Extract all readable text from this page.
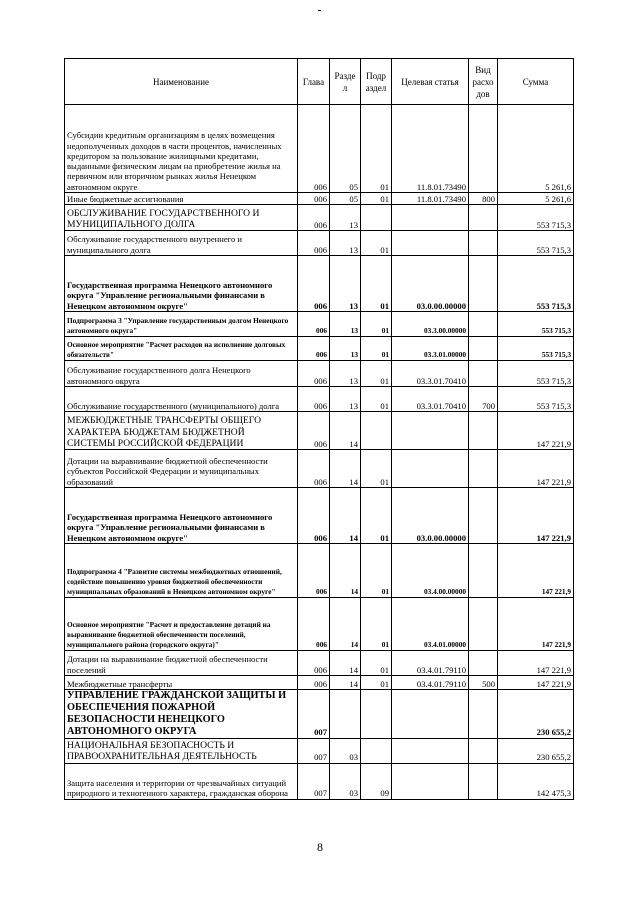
Наименование	Глава	Разде л	Подр аздел	Целевая статья	Вид расхо дов	Сумма
Субсидии кредитным организациям в целях возмещения недополученных доходов в части процентов, начисленных кредитором за пользование жилищными кредитами, выданными физическим лицам на приобретение жилья на первичном или вторичном рынках жилья Ненецком автономном округе	006	05	01	11.8.01.73490		5 261,6
Иные бюджетные ассигнования	006	05	01	11.8.01.73490	800	5 261,6
ОБСЛУЖИВАНИЕ ГОСУДАРСТВЕННОГО И МУНИЦИПАЛЬНОГО ДОЛГА	006	13				553 715,3
Обслуживание государственного внутреннего и муниципального долга	006	13	01			553 715,3
Государственная программа Ненецкого автономного округа "Управление региональными финансами в Ненецком автономном округе"	006	13	01	03.0.00.00000		553 715,3
Подпрограмма 3 "Управление государственным долгом Ненецкого автономного округа"	006	13	01	03.3.00.00000		553 715,3
Основное мероприятие "Расчет расходов на исполнение долговых обязательств"	006	13	01	03.3.01.00000		553 715,3
Обслуживание государственного долга Ненецкого автономного округа	006	13	01	03.3.01.70410		553 715,3
Обслуживание государственного (муниципального) долга	006	13	01	03.3.01.70410	700	553 715,3
МЕЖБЮДЖЕТНЫЕ ТРАНСФЕРТЫ ОБЩЕГО ХАРАКТЕРА БЮДЖЕТАМ БЮДЖЕТНОЙ СИСТЕМЫ РОССИЙСКОЙ ФЕДЕРАЦИИ	006	14				147 221,9
Дотации на выравнивание бюджетной обеспеченности субъектов Российской Федерации и муниципальных образований	006	14	01			147 221,9
Государственная программа Ненецкого автономного округа "Управление региональными финансами в Ненецком автономном округе"	006	14	01	03.0.00.00000		147 221,9
Подпрограмма 4 "Развитие системы межбюджетных отношений, содействие повышению уровня бюджетной обеспеченности муниципальных образований в Ненецком автономном округе"	006	14	01	03.4.00.00000		147 221,9
Основное мероприятие "Расчет и предоставление дотаций на выравнивание бюджетной обеспеченности поселений, муниципального района (городского округа)"	006	14	01	03.4.01.00000		147 221,9
Дотации на выравнивание бюджетной обеспеченности поселений	006	14	01	03.4.01.79110		147 221,9
Межбюджетные трансферты	006	14	01	03.4.01.79110	500	147 221,9
УПРАВЛЕНИЕ ГРАЖДАНСКОЙ ЗАЩИТЫ И ОБЕСПЕЧЕНИЯ ПОЖАРНОЙ БЕЗОПАСНОСТИ НЕНЕЦКОГО АВТОНОМНОГО ОКРУГА	007					230 655,2
НАЦИОНАЛЬНАЯ БЕЗОПАСНОСТЬ И ПРАВООХРАНИТЕЛЬНАЯ ДЕЯТЕЛЬНОСТЬ	007	03				230 655,2
Защита населения и территории от чрезвычайных ситуаций природного и техногенного характера, гражданская оборона	007	03	09			142 475,3
8
